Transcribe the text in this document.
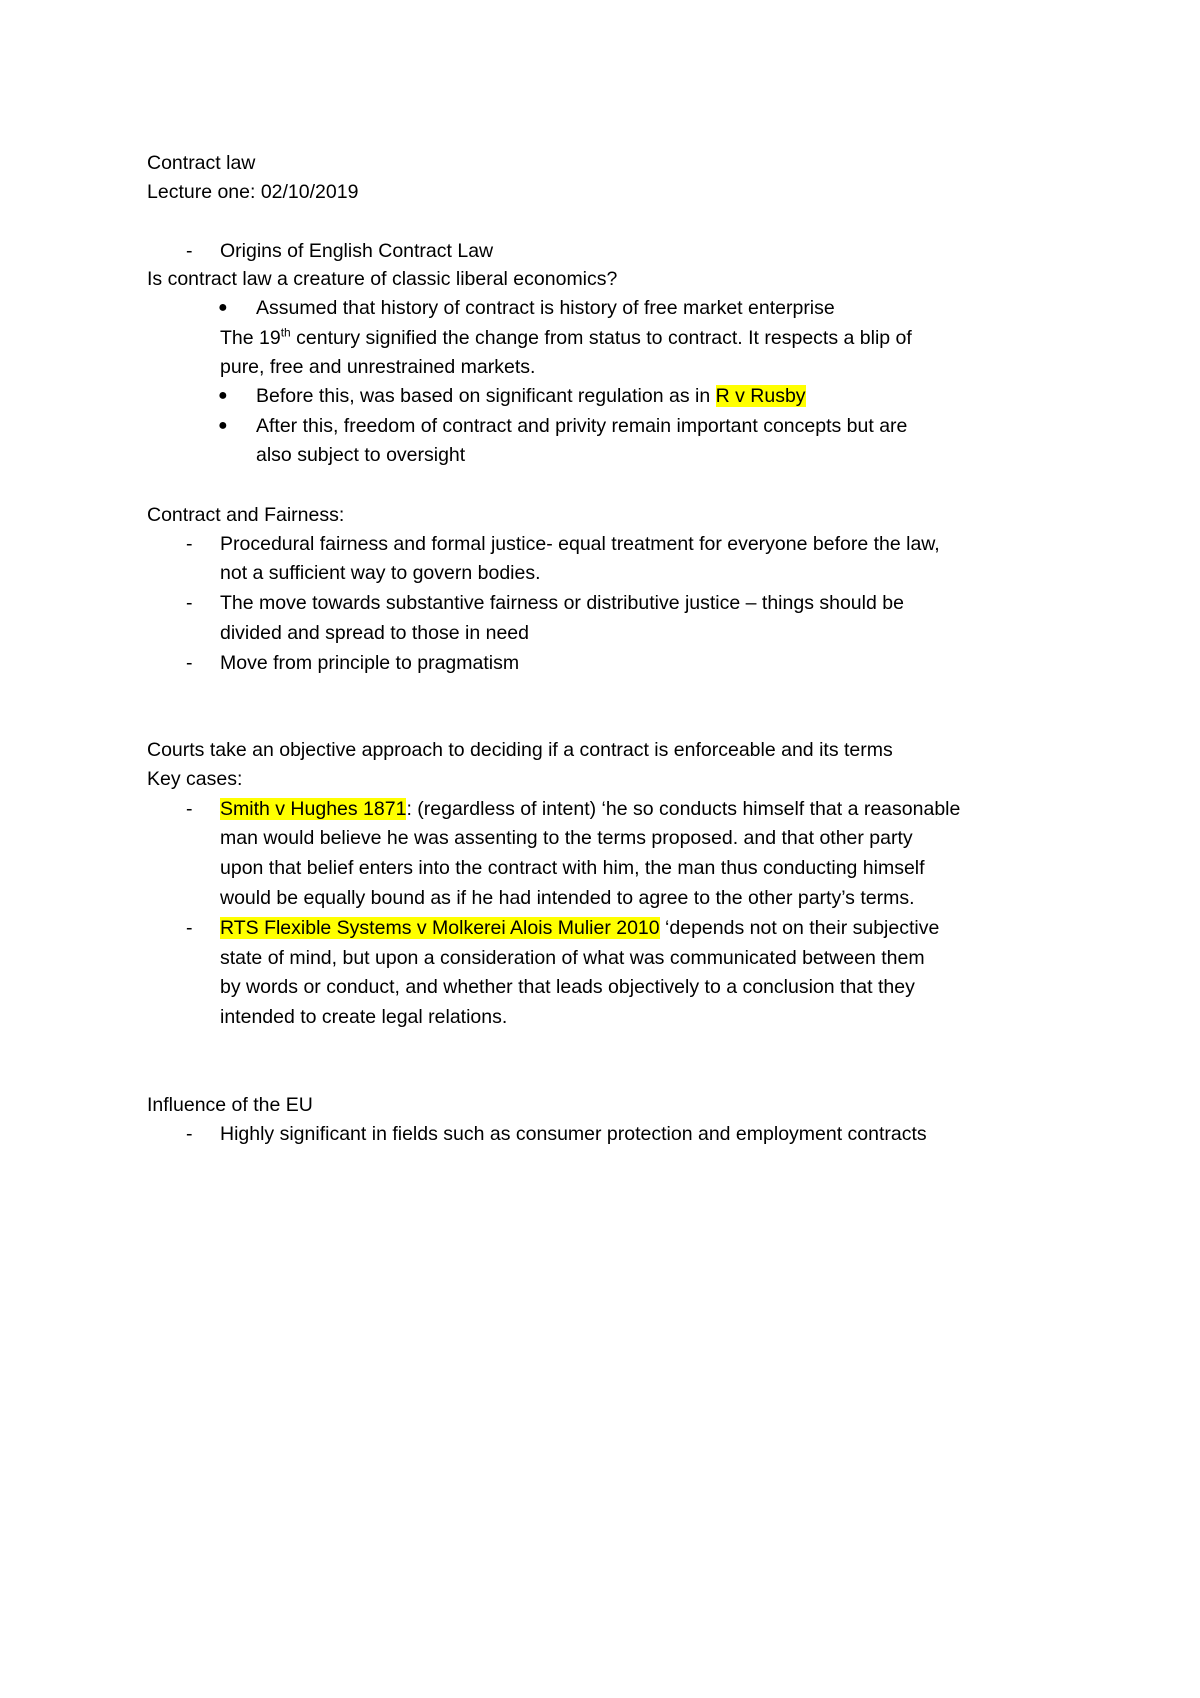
Contract law
Lecture one: 02/10/2019
- Origins of English Contract Law
Is contract law a creature of classic liberal economics?
● Assumed that history of contract is history of free market enterprise
The 19th century signified the change from status to contract. It respects a blip of
pure, free and unrestrained markets.
● Before this, was based on significant regulation as in R v Rusby
● After this, freedom of contract and privity remain important concepts but are
also subject to oversight
Contract and Fairness:
- Procedural fairness and formal justice- equal treatment for everyone before the law,
not a sufficient way to govern bodies.
- The move towards substantive fairness or distributive justice – things should be
divided and spread to those in need
- Move from principle to pragmatism
Courts take an objective approach to deciding if a contract is enforceable and its terms
Key cases:
- Smith v Hughes 1871: (regardless of intent) ‘he so conducts himself that a reasonable
man would believe he was assenting to the terms proposed. and that other party
upon that belief enters into the contract with him, the man thus conducting himself
would be equally bound as if he had intended to agree to the other party’s terms.
- RTS Flexible Systems v Molkerei Alois Mulier 2010 ‘depends not on their subjective
state of mind, but upon a consideration of what was communicated between them
by words or conduct, and whether that leads objectively to a conclusion that they
intended to create legal relations.
Influence of the EU
- Highly significant in fields such as consumer protection and employment contracts
